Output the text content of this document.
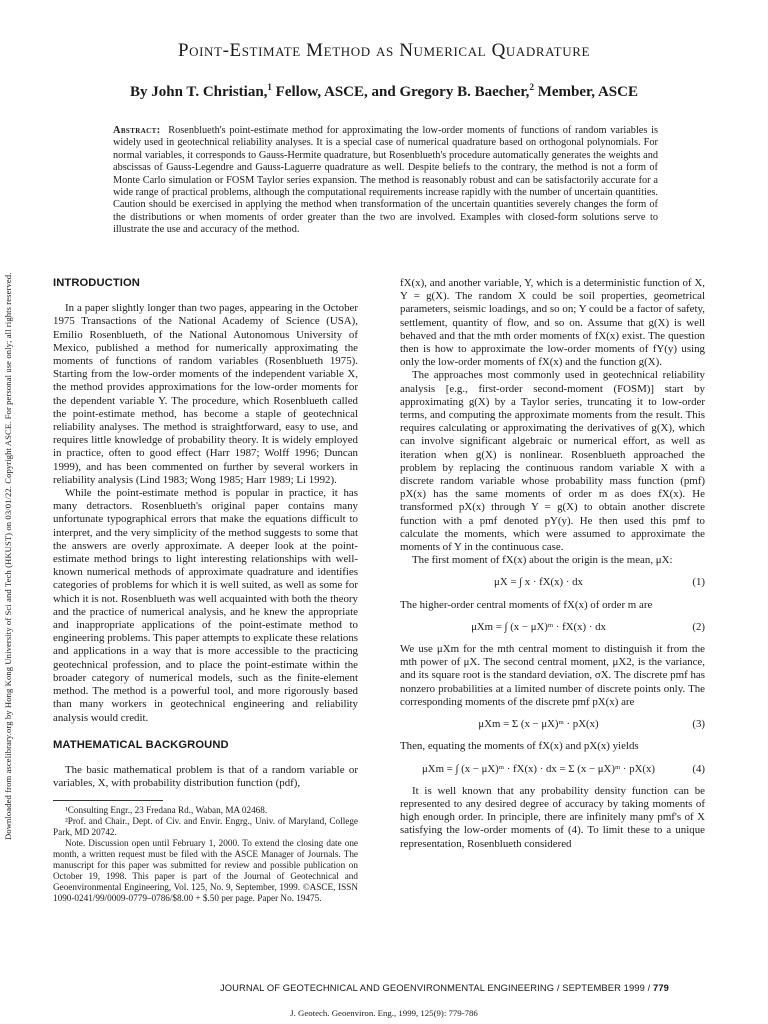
Downloaded from ascelibrary.org by Hong Kong University of Sci and Tech (HKUST) on 03/01/22. Copyright ASCE. For personal use only; all rights reserved.
Point-Estimate Method as Numerical Quadrature
By John T. Christian,$^1$ Fellow, ASCE, and Gregory B. Baecher,$^2$ Member, ASCE
Abstract: Rosenblueth's point-estimate method for approximating the low-order moments of functions of random variables is widely used in geotechnical reliability analyses. It is a special case of numerical quadrature based on orthogonal polynomials. For normal variables, it corresponds to Gauss-Hermite quadrature, but Rosenblueth's procedure automatically generates the weights and abscissas of Gauss-Legendre and Gauss-Laguerre quadrature as well. Despite beliefs to the contrary, the method is not a form of Monte Carlo simulation or FOSM Taylor series expansion. The method is reasonably robust and can be satisfactorily accurate for a wide range of practical problems, although the computational requirements increase rapidly with the number of uncertain quantities. Caution should be exercised in applying the method when transformation of the uncertain quantities severely changes the form of the distributions or when moments of order greater than the two are involved. Examples with closed-form solutions serve to illustrate the use and accuracy of the method.
INTRODUCTION

In a paper slightly longer than two pages, appearing in the October 1975 Transactions of the National Academy of Science (USA), Emilio Rosenblueth, of the National Autonomous University of Mexico, published a method for numerically approximating the moments of functions of random variables (Rosenblueth 1975). Starting from the low-order moments of the independent variable X, the method provides approximations for the low-order moments for the dependent variable Y. The procedure, which Rosenblueth called the point-estimate method, has become a staple of geotechnical reliability analyses. The method is straightforward, easy to use, and requires little knowledge of probability theory. It is widely employed in practice, often to good effect (Harr 1987; Wolff 1996; Duncan 1999), and has been commented on further by several workers in reliability analysis (Lind 1983; Wong 1985; Harr 1989; Li 1992).

While the point-estimate method is popular in practice, it has many detractors. Rosenblueth's original paper contains many unfortunate typographical errors that make the equations difficult to interpret, and the very simplicity of the method suggests to some that the answers are overly approximate. A deeper look at the point-estimate method brings to light interesting relationships with well-known numerical methods of approximate quadrature and identifies categories of problems for which it is well suited, as well as some for which it is not. Rosenblueth was well acquainted with both the theory and the practice of numerical analysis, and he knew the appropriate and inappropriate applications of the point-estimate method to engineering problems. This paper attempts to explicate these relations and applications in a way that is more accessible to the practicing geotechnical profession, and to place the point-estimate within the broader category of numerical models, such as the finite-element method. The method is a powerful tool, and more rigorously based than many workers in geotechnical engineering and reliability analysis would credit.

MATHEMATICAL BACKGROUND

The basic mathematical problem is that of a random variable or variables, X, with probability distribution function (pdf),

¹Consulting Engr., 23 Fredana Rd., Waban, MA 02468.

²Prof. and Chair., Dept. of Civ. and Envir. Engrg., Univ. of Maryland, College Park, MD 20742.

Note. Discussion open until February 1, 2000. To extend the closing date one month, a written request must be filed with the ASCE Manager of Journals. The manuscript for this paper was submitted for review and possible publication on October 19, 1998. This paper is part of the Journal of Geotechnical and Geoenvironmental Engineering, Vol. 125, No. 9, September, 1999. ©ASCE, ISSN 1090-0241/99/0009-0779–0786/$8.00 + $.50 per page. Paper No. 19475.

fX(x), and another variable, Y, which is a deterministic function of X, Y = g(X). The random X could be soil properties, geometrical parameters, seismic loadings, and so on; Y could be a factor of safety, settlement, quantity of flow, and so on. Assume that g(X) is well behaved and that the mth order moments of fX(x) exist. The question then is how to approximate the low-order moments of fY(y) using only the low-order moments of fX(x) and the function g(X).

The approaches most commonly used in geotechnical reliability analysis [e.g., first-order second-moment (FOSM)] start by approximating g(X) by a Taylor series, truncating it to low-order terms, and computing the approximate moments from the result. This requires calculating or approximating the derivatives of g(X), which can involve significant algebraic or numerical effort, as well as iteration when g(X) is nonlinear. Rosenblueth approached the problem by replacing the continuous random variable X with a discrete random variable whose probability mass function (pmf) pX(x) has the same moments of order m as does fX(x). He transformed pX(x) through Y = g(X) to obtain another discrete function with a pmf denoted pY(y). He then used this pmf to calculate the moments, which were assumed to approximate the moments of Y in the continuous case.

The first moment of fX(x) about the origin is the mean, μX:

μX = ∫ x · fX(x) · dx	(1)

The higher-order central moments of fX(x) of order m are

μXm = ∫ (x − μX)ᵐ · fX(x) · dx	(2)

We use μXm for the mth central moment to distinguish it from the mth power of μX. The second central moment, μX2, is the variance, and its square root is the standard deviation, σX. The discrete pmf has nonzero probabilities at a limited number of discrete points only. The corresponding moments of the discrete pmf pX(x) are

μXm = Σ (x − μX)ᵐ · pX(x)	(3)

Then, equating the moments of fX(x) and pX(x) yields

μXm = ∫ (x − μX)ᵐ · fX(x) · dx = Σ (x − μX)ᵐ · pX(x)	(4)

It is well known that any probability density function can be represented to any desired degree of accuracy by taking moments of high enough order. In principle, there are infinitely many pmf's of X satisfying the low-order moments of (4). To limit these to a unique representation, Rosenblueth considered

JOURNAL OF GEOTECHNICAL AND GEOENVIRONMENTAL ENGINEERING / SEPTEMBER 1999 / 779
J. Geotech. Geoenviron. Eng., 1999, 125(9): 779-786
